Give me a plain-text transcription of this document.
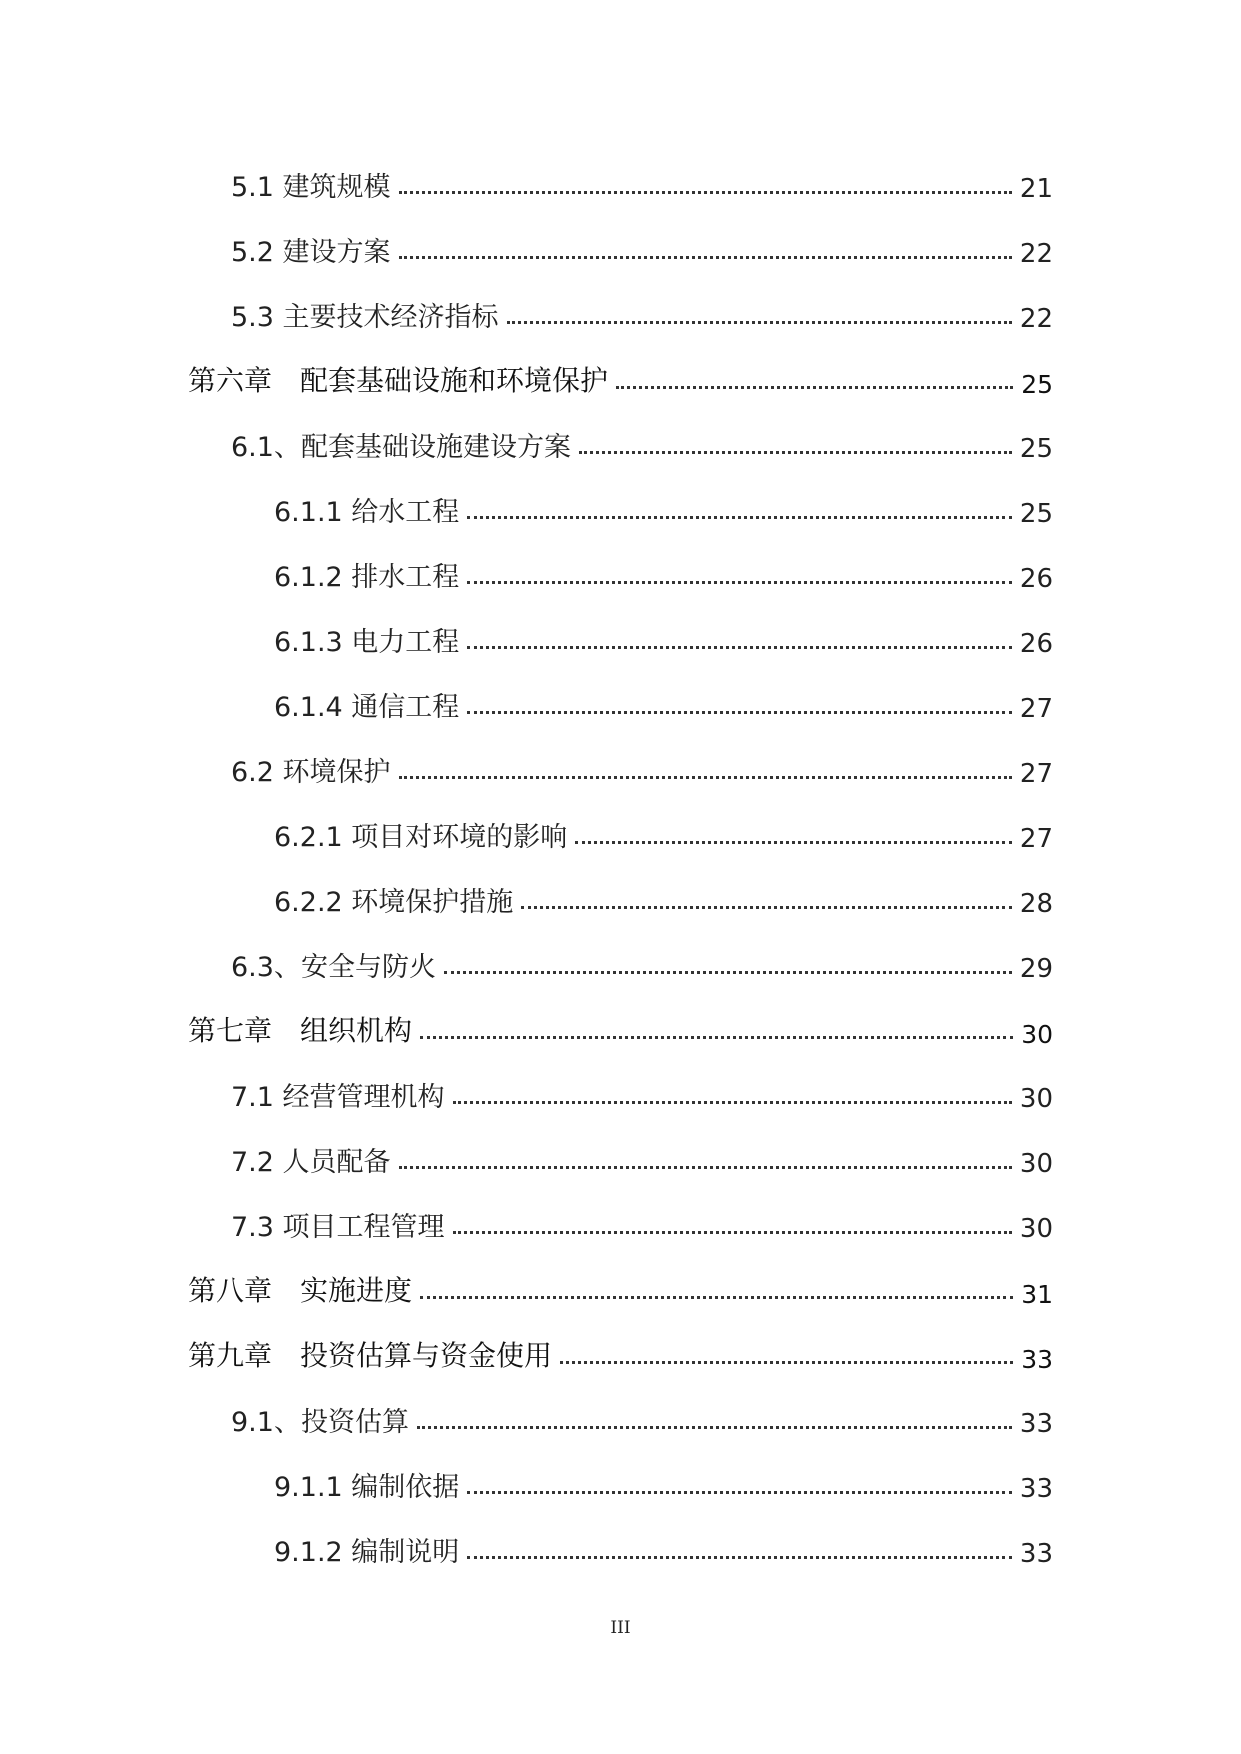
5.1 建筑规模	21
5.2 建设方案	22
5.3 主要技术经济指标	22
第六章　配套基础设施和环境保护	25
6.1、配套基础设施建设方案	25
6.1.1 给水工程	25
6.1.2 排水工程	26
6.1.3 电力工程	26
6.1.4 通信工程	27
6.2 环境保护	27
6.2.1 项目对环境的影响	27
6.2.2 环境保护措施	28
6.3、安全与防火	29
第七章　组织机构	30
7.1 经营管理机构	30
7.2 人员配备	30
7.3 项目工程管理	30
第八章　实施进度	31
第九章　投资估算与资金使用	33
9.1、投资估算	33
9.1.1 编制依据	33
9.1.2 编制说明	33
III
